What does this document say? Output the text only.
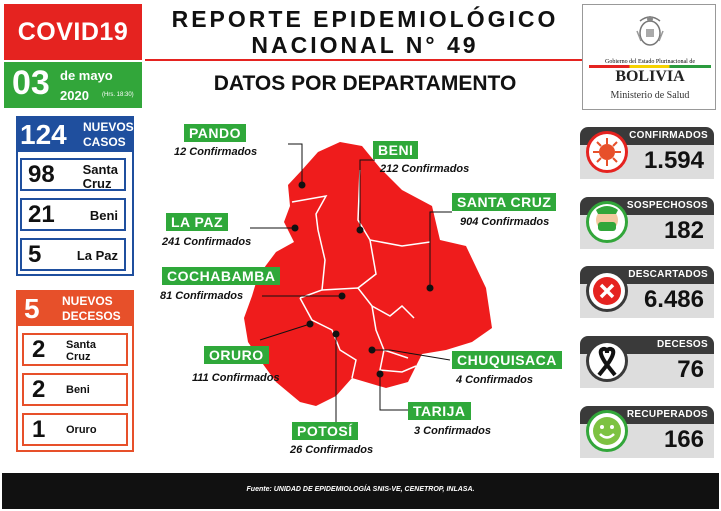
COVID19
03 de mayo
2020 (Hrs. 18:30)
REPORTE EPIDEMIOLÓGICO
NACIONAL N° 49
DATOS POR DEPARTAMENTO
Gobierno del Estado Plurinacional de
BOLIVIA
Ministerio de Salud
124 NUEVOS
CASOS
98 Santa
Cruz
21	Beni
5	La Paz
5 NUEVOS
DECESOS
2 Santa
Cruz
2 Beni
1 Oruro
PANDO
12 Confirmados	BENI
212 Confirmados
SANTA CRUZ
904 Confirmados
LA PAZ
241 Confirmados
COCHABAMBA
81 Confirmados
ORURO
111 Confirmados
CHUQUISACA
4 Confirmados
TARIJA
3 Confirmados
POTOSÍ
26 Confirmados
CONFIRMADOS
1.594
SOSPECHOSOS
182
DESCARTADOS
6.486
DECESOS
76
RECUPERADOS
166
Fuente: UNIDAD DE EPIDEMIOLOGÍA SNIS-VE, CENETROP, INLASA.
